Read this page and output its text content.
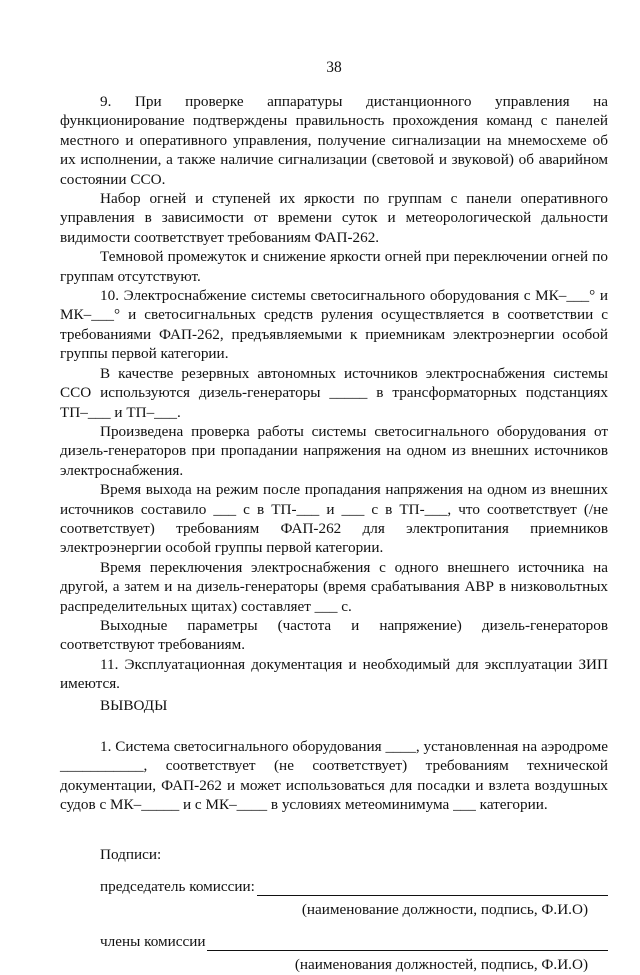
38

9. При проверке аппаратуры дистанционного управления на функционирование подтверждены правильность прохождения команд с панелей местного и оперативного управления, получение сигнализации на мнемосхеме об их исполнении, а также наличие сигнализации (световой и звуковой) об аварийном состоянии ССО.

Набор огней и ступеней их яркости по группам с панели оперативного управления в зависимости от времени суток и метеорологической дальности видимости соответствует требованиям ФАП-262.

Темновой промежуток и снижение яркости огней при переключении огней по группам отсутствуют.

10. Электроснабжение системы светосигнального оборудования с МК–___° и МК–___° и светосигнальных средств руления осуществляется в соответствии с требованиями ФАП-262, предъявляемыми к приемникам электроэнергии особой группы первой категории.

В качестве резервных автономных источников электроснабжения системы ССО используются дизель-генераторы _____ в трансформаторных подстанциях ТП–___ и ТП–___.

Произведена проверка работы системы светосигнального оборудования от дизель-генераторов при пропадании напряжения на одном из внешних источников электроснабжения.

Время выхода на режим после пропадания напряжения на одном из внешних источников составило ___ с в ТП-___ и ___ с в ТП-___, что соответствует (/не соответствует) требованиям ФАП-262 для электропитания приемников электроэнергии особой группы первой категории.

Время переключения электроснабжения с одного внешнего источника на другой, а затем и на дизель-генераторы (время срабатывания АВР в низковольтных распределительных щитах) составляет ___ с.

Выходные параметры (частота и напряжение) дизель-генераторов соответствуют требованиям.

11. Эксплуатационная документация и необходимый для эксплуатации ЗИП имеются.

ВЫВОДЫ

1. Система светосигнального оборудования ____, установленная на аэродроме ___________, соответствует (не соответствует) требованиям технической документации, ФАП-262 и может использоваться для посадки и взлета воздушных судов с МК–_____ и с МК–____ в условиях метеоминимума ___ категории.

Подписи:
председатель комиссии:
(наименование должности, подпись, Ф.И.О)
члены комиссии
(наименования должностей, подпись, Ф.И.О)
